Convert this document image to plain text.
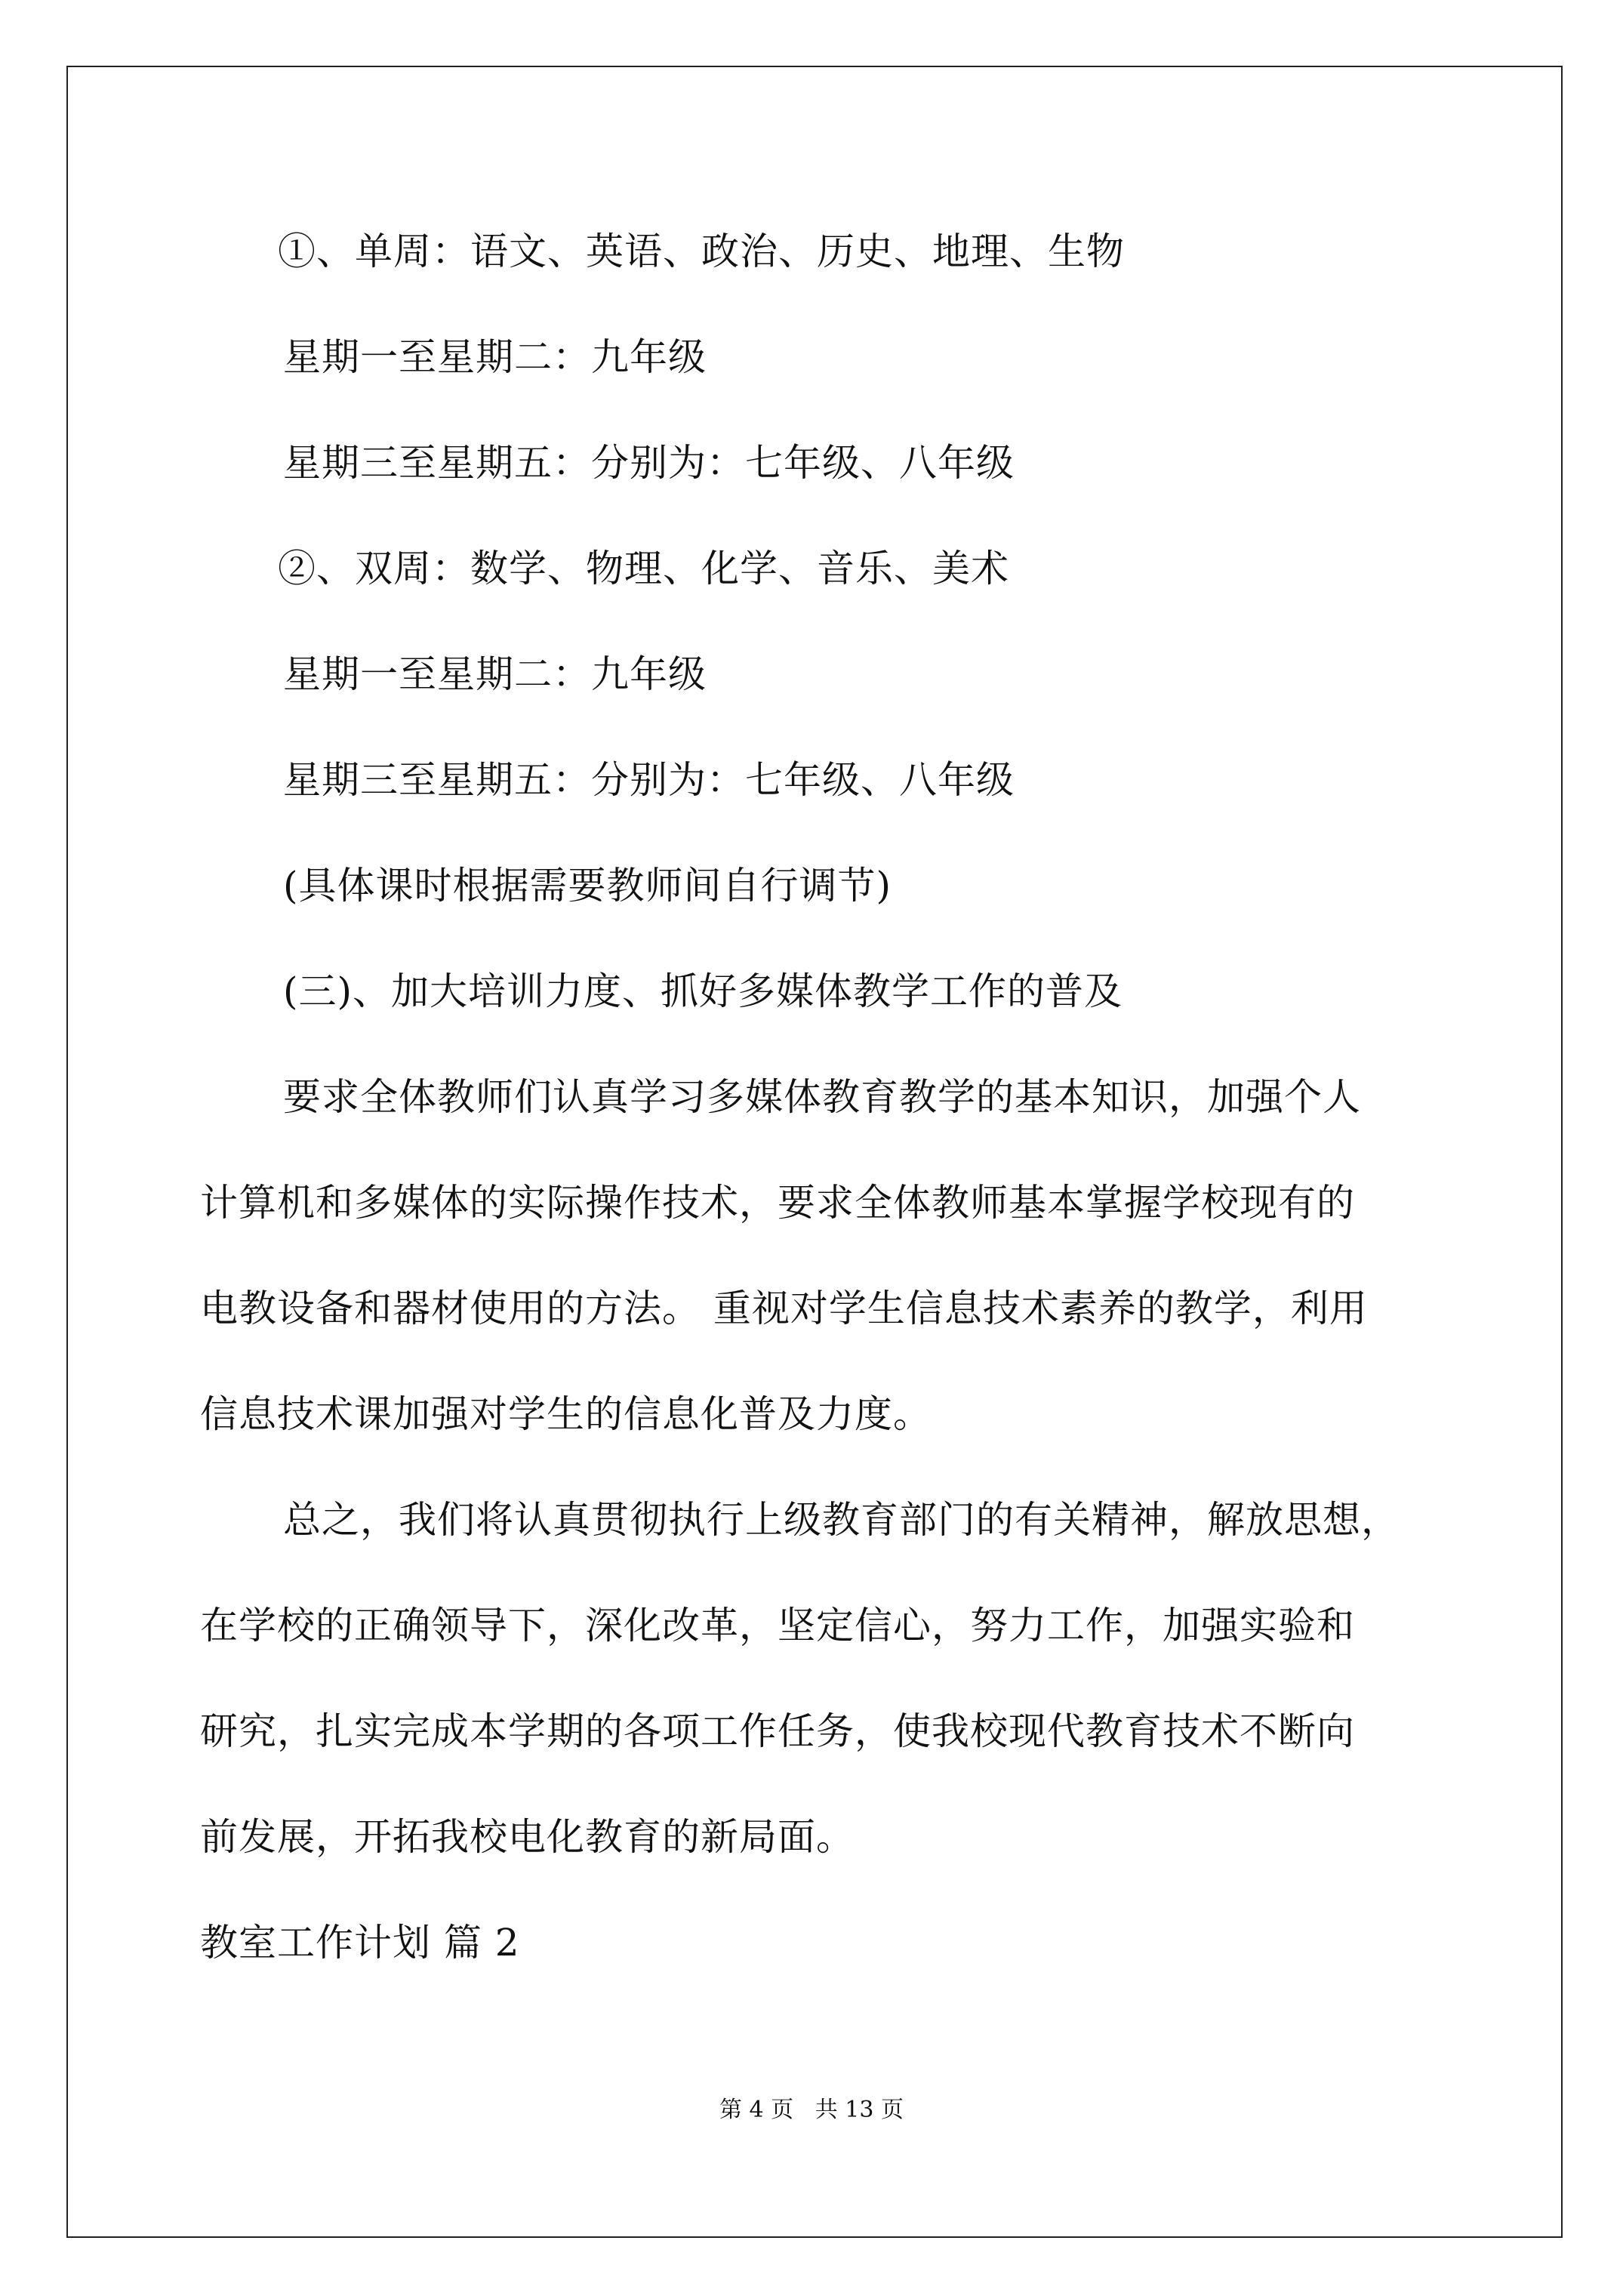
①、单周：语文、英语、政治、历史、地理、生物
星期一至星期二：九年级
星期三至星期五：分别为：七年级、八年级
②、双周：数学、物理、化学、音乐、美术
星期一至星期二：九年级
星期三至星期五：分别为：七年级、八年级
(具体课时根据需要教师间自行调节)
(三)、加大培训力度、抓好多媒体教学工作的普及
要求全体教师们认真学习多媒体教育教学的基本知识，加强个人
计算机和多媒体的实际操作技术，要求全体教师基本掌握学校现有的
电教设备和器材使用的方法。 重视对学生信息技术素养的教学，利用
信息技术课加强对学生的信息化普及力度。
总之，我们将认真贯彻执行上级教育部门的有关精神，解放思想，
在学校的正确领导下，深化改革，坚定信心，努力工作，加强实验和
研究，扎实完成本学期的各项工作任务，使我校现代教育技术不断向
前发展，开拓我校电化教育的新局面。
教室工作计划 篇 2
第 4 页   共 13 页
